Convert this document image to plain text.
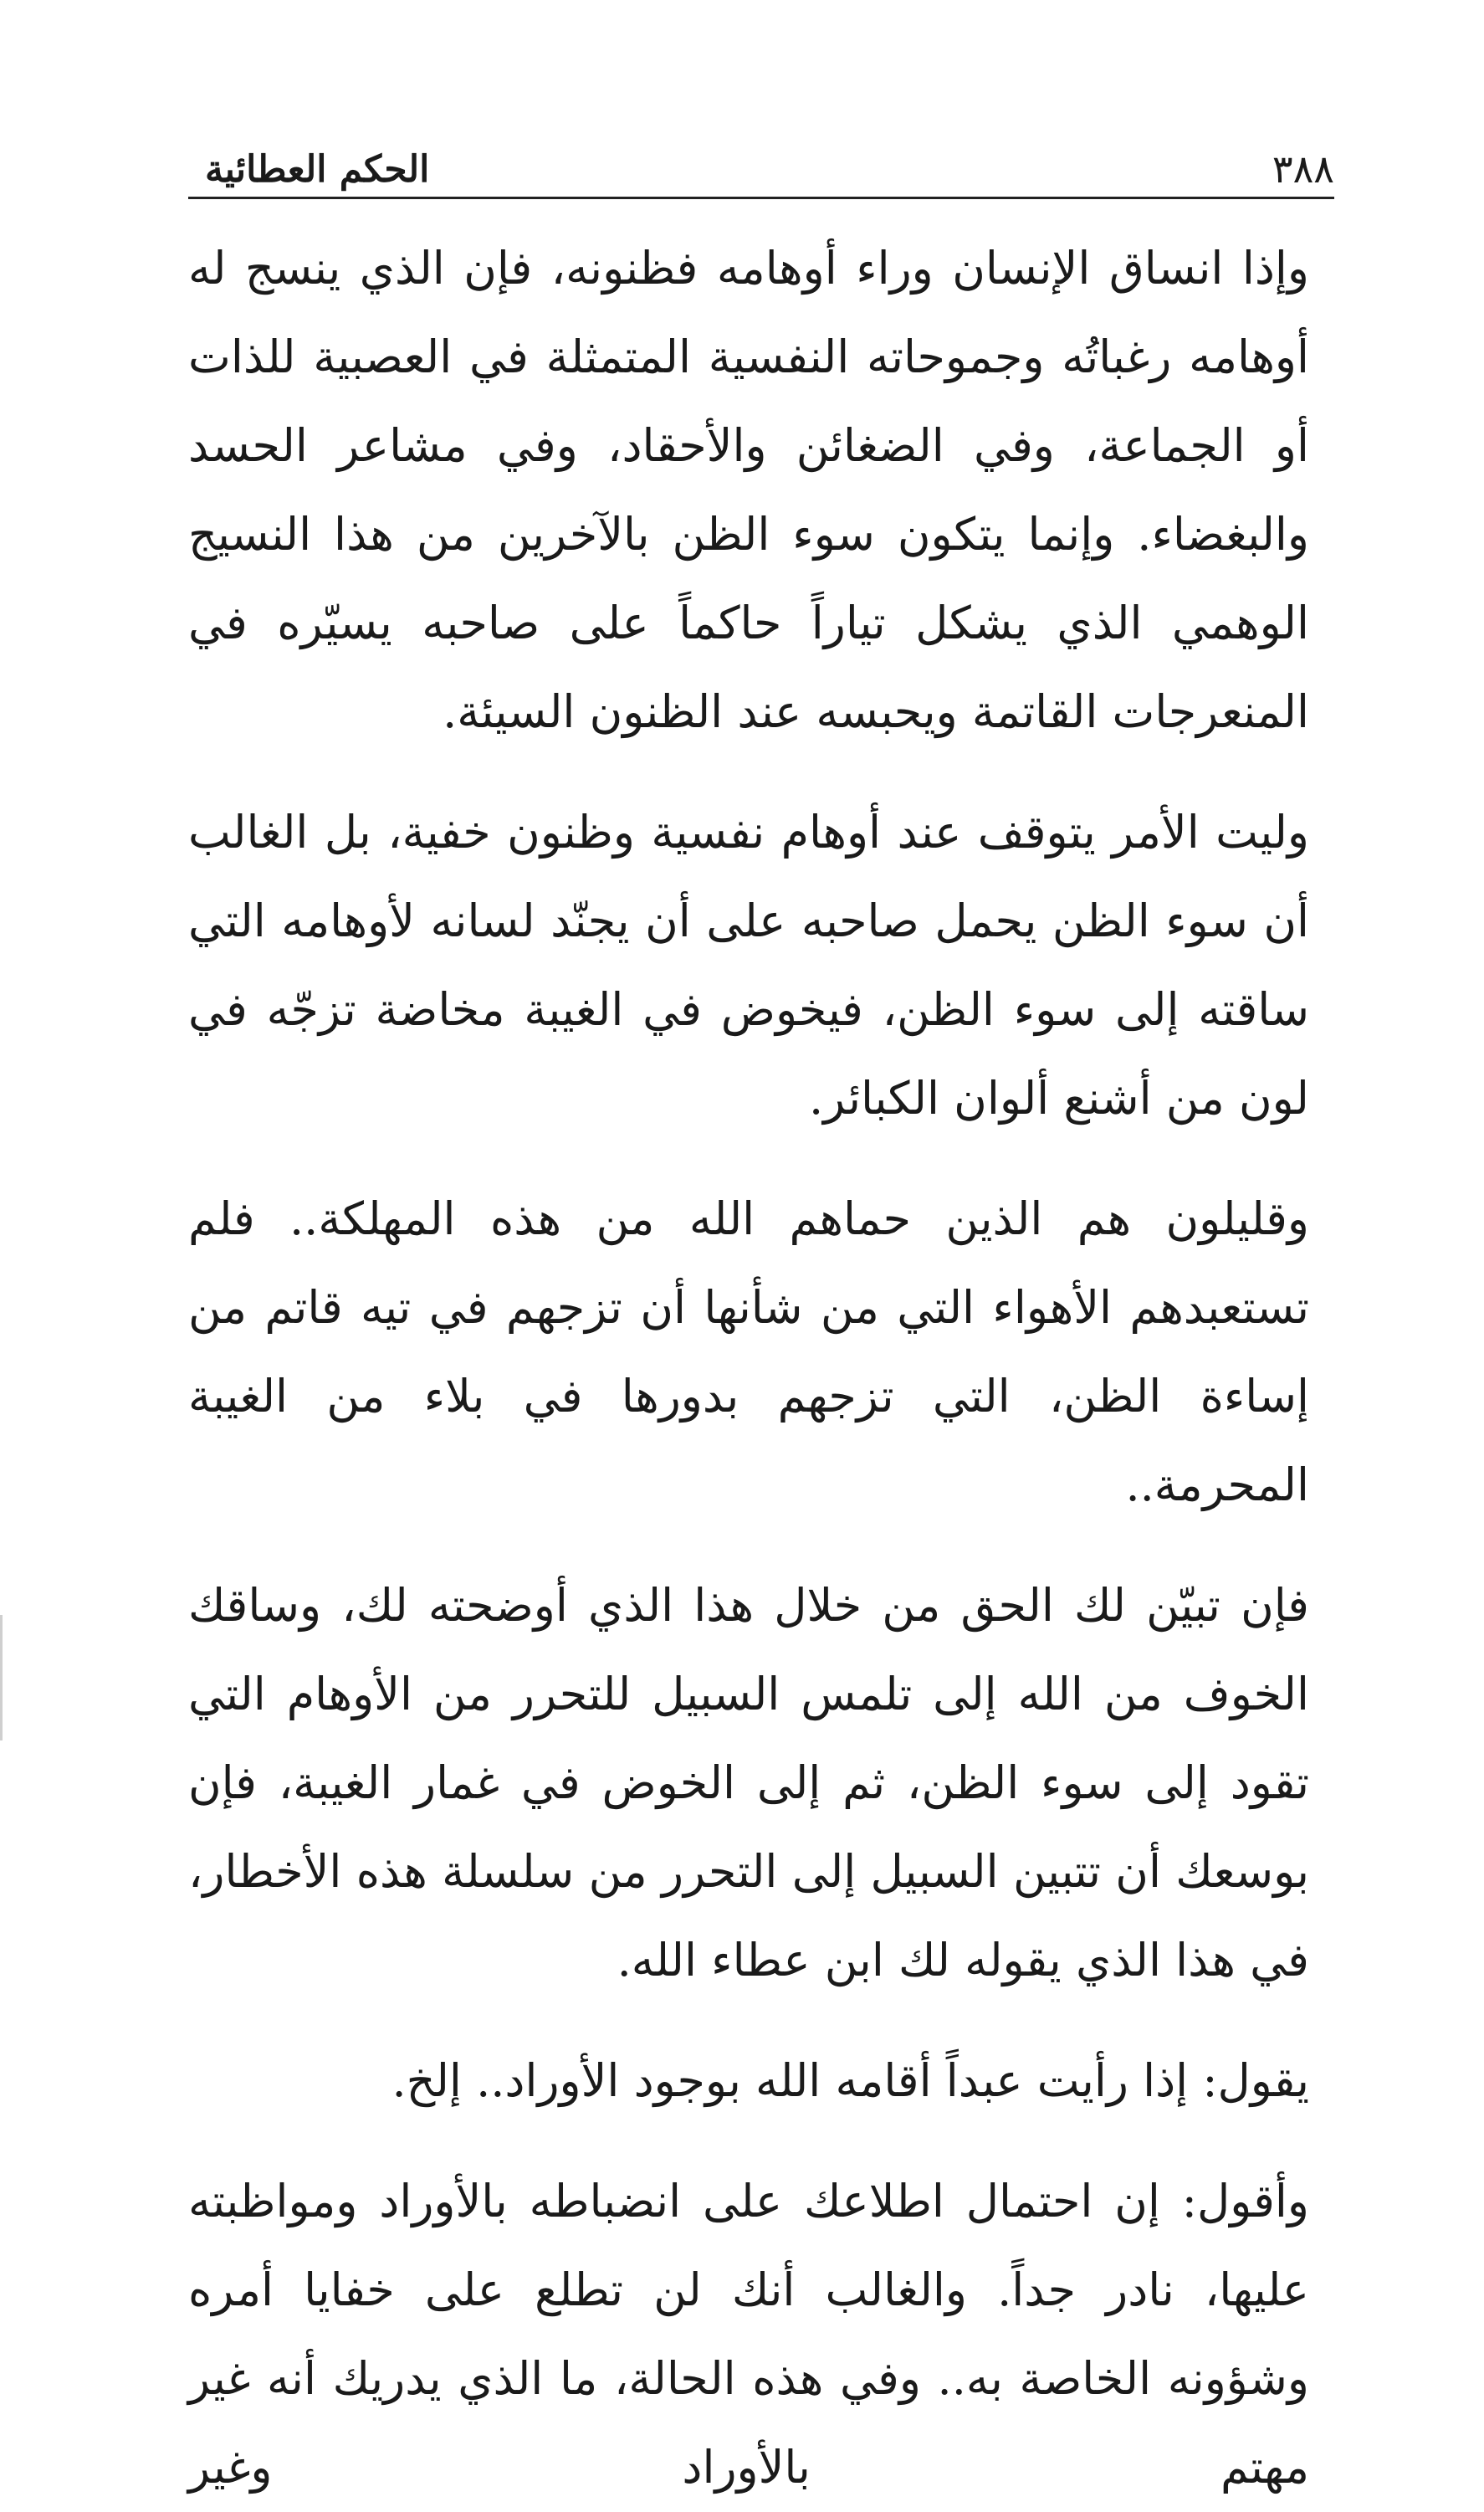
٣٨٨
الحكم العطائية

وإذا انساق الإنسان وراء أوهامه فظنونه، فإن الذي ينسج له أوهامه رغباتُه وجموحاته النفسية المتمثلة في العصبية للذات أو الجماعة، وفي الضغائن والأحقاد، وفي مشاعر الحسد والبغضاء. وإنما يتكون سوء الظن بالآخرين من هذا النسيج الوهمي الذي يشكل تياراً حاكماً على صاحبه يسيّره في المنعرجات القاتمة ويحبسه عند الظنون السيئة.

وليت الأمر يتوقف عند أوهام نفسية وظنون خفية، بل الغالب أن سوء الظن يحمل صاحبه على أن يجنّد لسانه لأوهامه التي ساقته إلى سوء الظن، فيخوض في الغيبة مخاضة تزجّه في لون من أشنع ألوان الكبائر.

وقليلون هم الذين حماهم الله من هذه المهلكة.. فلم تستعبدهم الأهواء التي من شأنها أن تزجهم في تيه قاتم من إساءة الظن، التي تزجهم بدورها في بلاء من الغيبة المحرمة..

فإن تبيّن لك الحق من خلال هذا الذي أوضحته لك، وساقك الخوف من الله إلى تلمس السبيل للتحرر من الأوهام التي تقود إلى سوء الظن، ثم إلى الخوض في غمار الغيبة، فإن بوسعك أن تتبين السبيل إلى التحرر من سلسلة هذه الأخطار، في هذا الذي يقوله لك ابن عطاء الله.

يقول: إذا رأيت عبداً أقامه الله بوجود الأوراد.. إلخ.

وأقول: إن احتمال اطلاعك على انضباطه بالأوراد ومواظبته عليها، نادر جداً. والغالب أنك لن تطلع على خفايا أمره وشؤونه الخاصة به.. وفي هذه الحالة، ما الذي يدريك أنه غير مهتم بالأوراد وغير
